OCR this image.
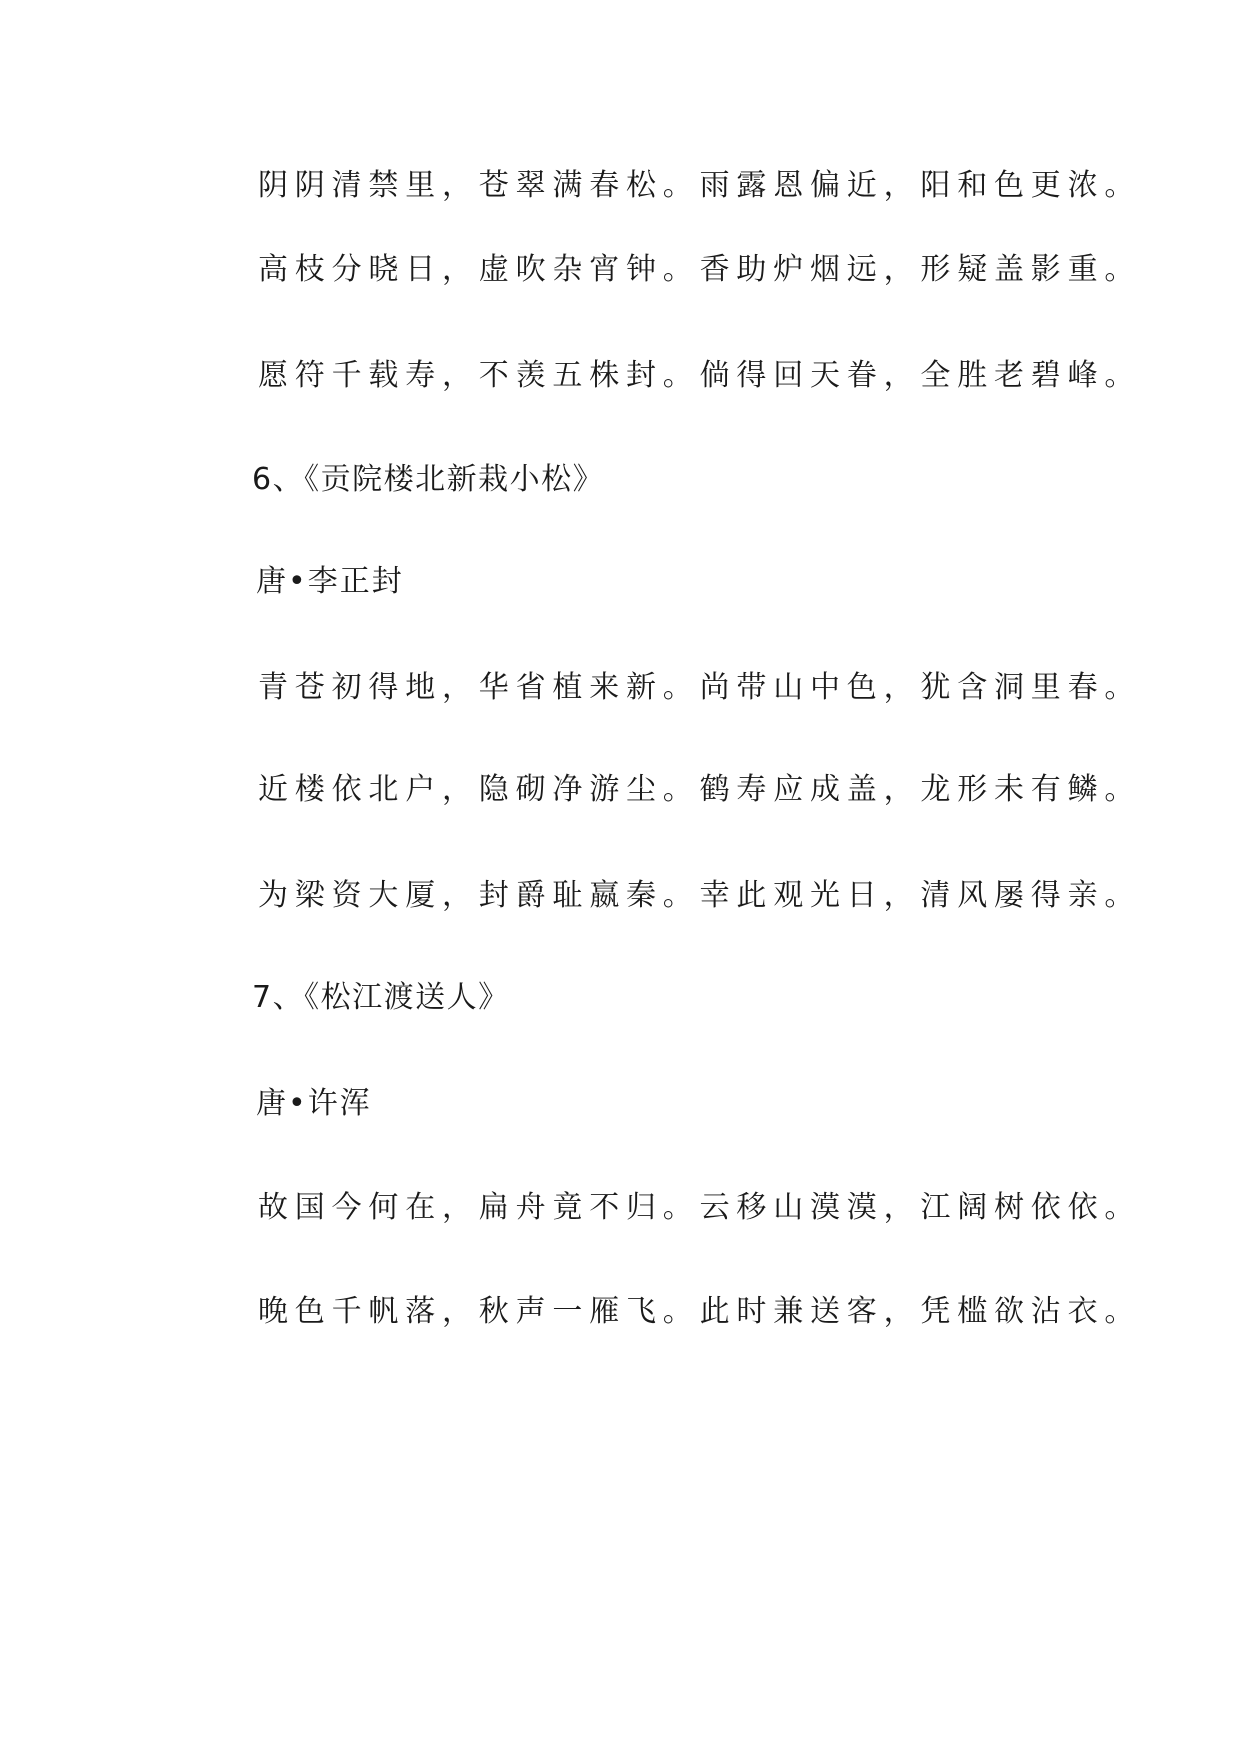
阴阴清禁里，苍翠满春松。雨露恩偏近，阳和色更浓。
高枝分晓日，虚吹杂宵钟。香助炉烟远，形疑盖影重。
愿符千载寿，不羡五株封。倘得回天眷，全胜老碧峰。
6、《贡院楼北新栽小松》
唐•李正封
青苍初得地，华省植来新。尚带山中色，犹含洞里春。
近楼依北户，隐砌净游尘。鹤寿应成盖，龙形未有鳞。
为梁资大厦，封爵耻嬴秦。幸此观光日，清风屡得亲。
7、《松江渡送人》
唐•许浑
故国今何在，扁舟竟不归。云移山漠漠，江阔树依依。
晚色千帆落，秋声一雁飞。此时兼送客，凭槛欲沾衣。
